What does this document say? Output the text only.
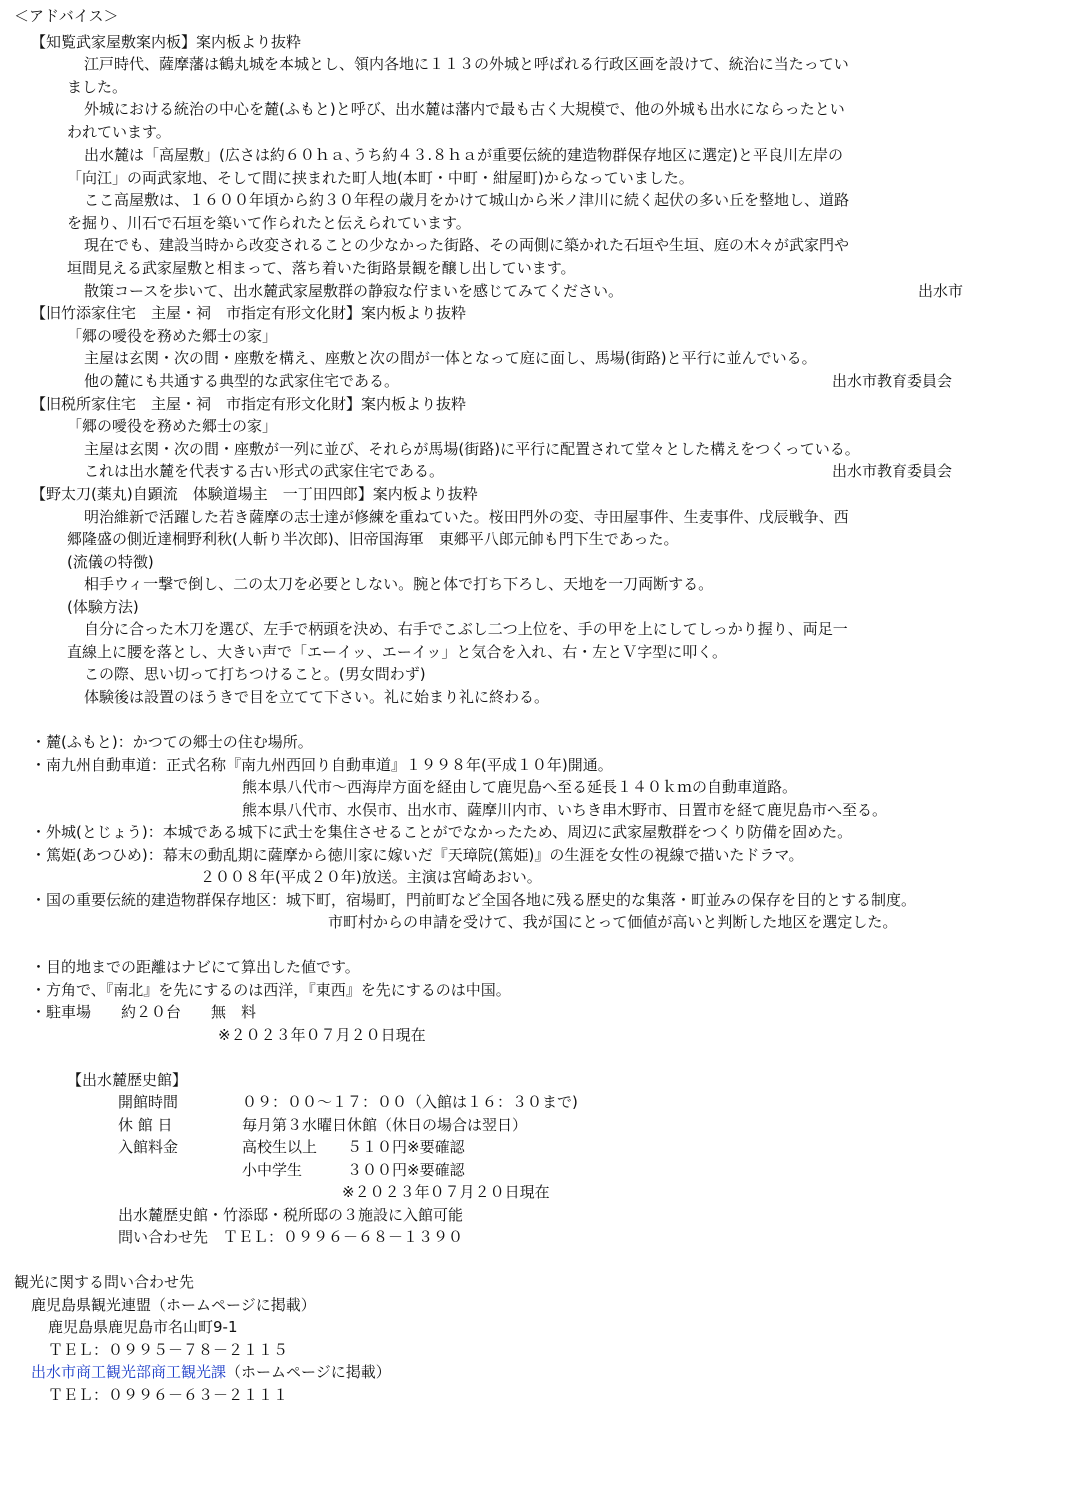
＜アドバイス＞
【知覧武家屋敷案内板】案内板より抜粋
江戸時代、薩摩藩は鶴丸城を本城とし、領内各地に１１３の外城と呼ばれる行政区画を設けて、統治に当たってい
ました。
外城における統治の中心を麓(ふもと)と呼び、出水麓は藩内で最も古く大規模で、他の外城も出水にならったとい
われています。
出水麓は「高屋敷」(広さは約６０ｈａ､うち約４３.８ｈａが重要伝統的建造物群保存地区に選定)と平良川左岸の
「向江」の両武家地、そして間に挟まれた町人地(本町・中町・紺屋町)からなっていました。
ここ高屋敷は、１６００年頃から約３０年程の歳月をかけて城山から米ノ津川に続く起伏の多い丘を整地し、道路
を掘り、川石で石垣を築いて作られたと伝えられています。
現在でも、建設当時から改変されることの少なかった街路、その両側に築かれた石垣や生垣、庭の木々が武家門や
垣間見える武家屋敷と相まって、落ち着いた街路景観を醸し出しています。
散策コースを歩いて、出水麓武家屋敷群の静寂な佇まいを感じてみてください。	出水市
【旧竹添家住宅　主屋・祠　市指定有形文化財】案内板より抜粋
「郷の噯役を務めた郷士の家」
主屋は玄関・次の間・座敷を構え、座敷と次の間が一体となって庭に面し、馬場(街路)と平行に並んでいる。
他の麓にも共通する典型的な武家住宅である。	出水市教育委員会
【旧税所家住宅　主屋・祠　市指定有形文化財】案内板より抜粋
「郷の噯役を務めた郷士の家」
主屋は玄関・次の間・座敷が一列に並び、それらが馬場(街路)に平行に配置されて堂々とした構えをつくっている。
これは出水麓を代表する古い形式の武家住宅である。	出水市教育委員会
【野太刀(薬丸)自顕流　体験道場主　一丁田四郎】案内板より抜粋
明治維新で活躍した若き薩摩の志士達が修練を重ねていた。桜田門外の変、寺田屋事件、生麦事件、戊辰戦争、西
郷隆盛の側近達桐野利秋(人斬り半次郎)、旧帝国海軍　東郷平八郎元帥も門下生であった。
(流儀の特徴)
相手ウィ一撃で倒し、二の太刀を必要としない。腕と体で打ち下ろし、天地を一刀両断する。
(体験方法)
自分に合った木刀を選び、左手で柄頭を決め、右手でこぶし二つ上位を、手の甲を上にしてしっかり握り、両足一
直線上に腰を落とし、大きい声で「エーイッ、エーイッ」と気合を入れ、右・左とＶ字型に叩く。
この際、思い切って打ちつけること。(男女問わず)
体験後は設置のほうきで目を立てて下さい。礼に始まり礼に終わる。
・麓(ふもと)：かつての郷士の住む場所。
・南九州自動車道：正式名称『南九州西回り自動車道』１９９８年(平成１０年)開通。
熊本県八代市～西海岸方面を経由して鹿児島へ至る延長１４０ｋｍの自動車道路。
熊本県八代市、水俣市、出水市、薩摩川内市、いちき串木野市、日置市を経て鹿児島市へ至る。
・外城(とじょう)：本城である城下に武士を集住させることがでなかったため、周辺に武家屋敷群をつくり防備を固めた。
・篤姫(あつひめ)：幕末の動乱期に薩摩から徳川家に嫁いだ『天璋院(篤姫)』の生涯を女性の視線で描いたドラマ。
２００８年(平成２０年)放送。主演は宮崎あおい。
・国の重要伝統的建造物群保存地区：城下町，宿場町，門前町など全国各地に残る歴史的な集落・町並みの保存を目的とする制度。
市町村からの申請を受けて、我が国にとって価値が高いと判断した地区を選定した。
・目的地までの距離はナビにて算出した値です。
・方角で、『南北』を先にするのは西洋，『東西』を先にするのは中国。
・駐車場　　約２０台　　無　料
※２０２３年０７月２０日現在
【出水麓歴史館】
開館時間	０９：００～１７：００（入館は１６：３０まで)
休 館 日	毎月第３水曜日休館（休日の場合は翌日）
入館料金	高校生以上　　５１０円※要確認
小中学生　　　３００円※要確認
※２０２３年０７月２０日現在
出水麓歴史館・竹添邸・税所邸の３施設に入館可能
問い合わせ先　ＴＥＬ：０９９６－６８－１３９０
観光に関する問い合わせ先
鹿児島県観光連盟（ホームページに掲載）
鹿児島県鹿児島市名山町9-1
ＴＥＬ：０９９５－７８－２１１５
出水市商工観光部商工観光課（ホームページに掲載）
ＴＥＬ：０９９６－６３－２１１１
